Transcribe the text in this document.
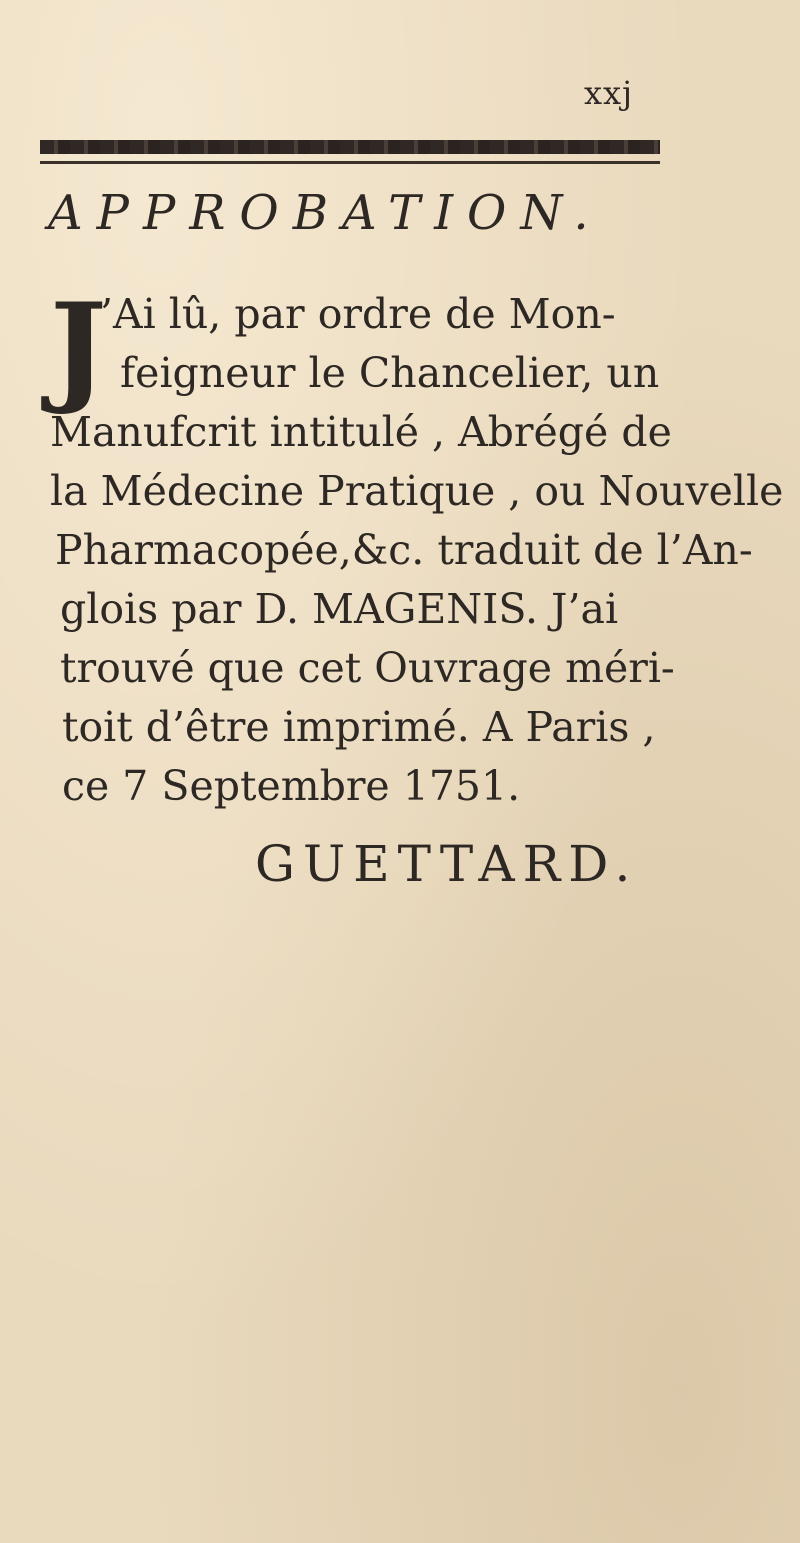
xxj
APPROBATION.
J
’Ai lû, par ordre de Mon-
feigneur le Chancelier, un
Manufcrit intitulé , Abrégé de
la Médecine Pratique , ou Nouvelle
Pharmacopée,&c. traduit de l’An-
glois par D. MAGENIS. J’ai
trouvé que cet Ouvrage méri-
toit d’être imprimé. A Paris ,
ce 7 Septembre 1751.
GUETTARD.
